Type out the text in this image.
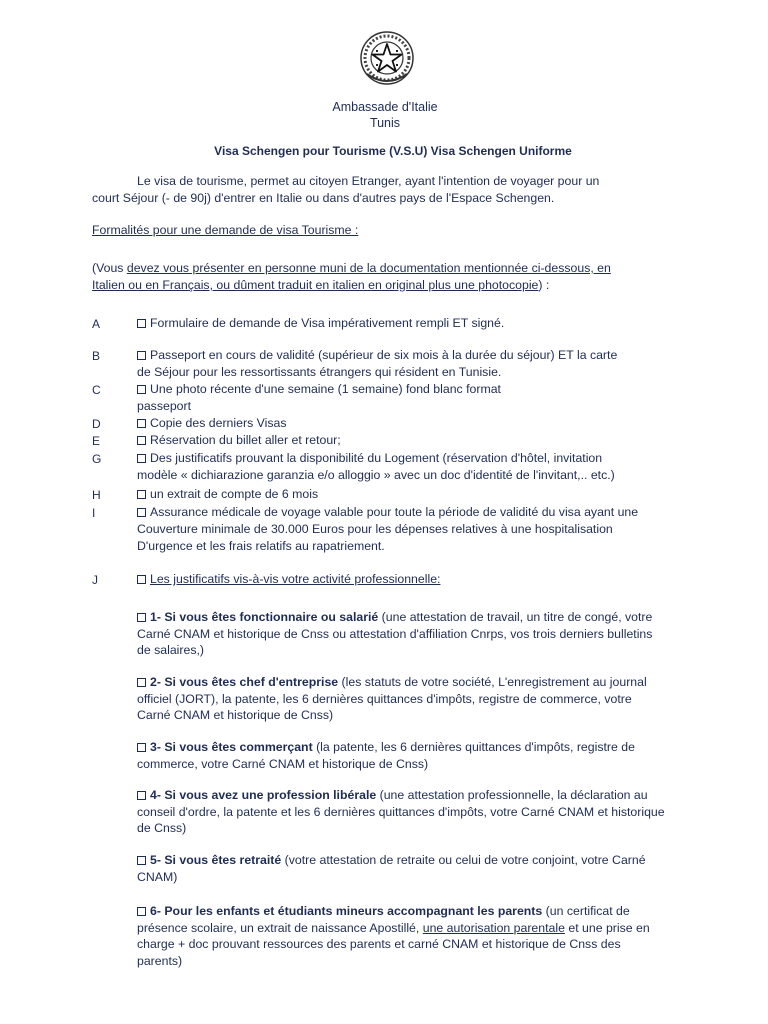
Ambassade d'Italie
Tunis
Visa Schengen pour Tourisme (V.S.U) Visa Schengen Uniforme
Le visa de tourisme, permet au citoyen Etranger, ayant l'intention de voyager pour un
court Séjour (- de 90j) d'entrer en Italie ou dans d'autres pays de l'Espace Schengen.
Formalités pour une demande de visa Tourisme :
(Vous devez vous présenter en personne muni de la documentation mentionnée ci-dessous, en
Italien ou en Français, ou dûment traduit en italien en original plus une photocopie) :
A	Formulaire de demande de Visa impérativement rempli ET signé.
B	Passeport en cours de validité (supérieur de six mois à la durée du séjour) ET la carte
de Séjour pour les ressortissants étrangers qui résident en Tunisie.
C	Une photo récente d'une semaine (1 semaine) fond blanc format
passeport
D	Copie des derniers Visas
E	Réservation du billet aller et retour;
G	Des justificatifs prouvant la disponibilité du Logement (réservation d'hôtel, invitation
modèle « dichiarazione garanzia e/o alloggio » avec un doc d'identité de l'invitant,.. etc.)
H	un extrait de compte de 6 mois
I	Assurance médicale de voyage valable pour toute la période de validité du visa ayant une
Couverture minimale de 30.000 Euros pour les dépenses relatives à une hospitalisation
D'urgence et les frais relatifs au rapatriement.
J	Les justificatifs vis-à-vis votre activité professionnelle:
1- Si vous êtes fonctionnaire ou salarié (une attestation de travail, un titre de congé, votre Carné CNAM et historique de Cnss ou attestation d'affiliation Cnrps, vos trois derniers bulletins de salaires,)
2- Si vous êtes chef d'entreprise (les statuts de votre société, L'enregistrement au journal officiel (JORT), la patente, les 6 dernières quittances d'impôts, registre de commerce, votre Carné CNAM et historique de Cnss)
3- Si vous êtes commerçant (la patente, les 6 dernières quittances d'impôts, registre de commerce, votre Carné CNAM et historique de Cnss)
4- Si vous avez une profession libérale (une attestation professionnelle, la déclaration au conseil d'ordre, la patente et les 6 dernières quittances d'impôts, votre Carné CNAM et historique de Cnss)
5- Si vous êtes retraité (votre attestation de retraite ou celui de votre conjoint, votre Carné CNAM)
6- Pour les enfants et étudiants mineurs accompagnant les parents (un certificat de présence scolaire, un extrait de naissance Apostillé, une autorisation parentale et une prise en charge + doc prouvant ressources des parents et carné CNAM et historique de Cnss des parents)
